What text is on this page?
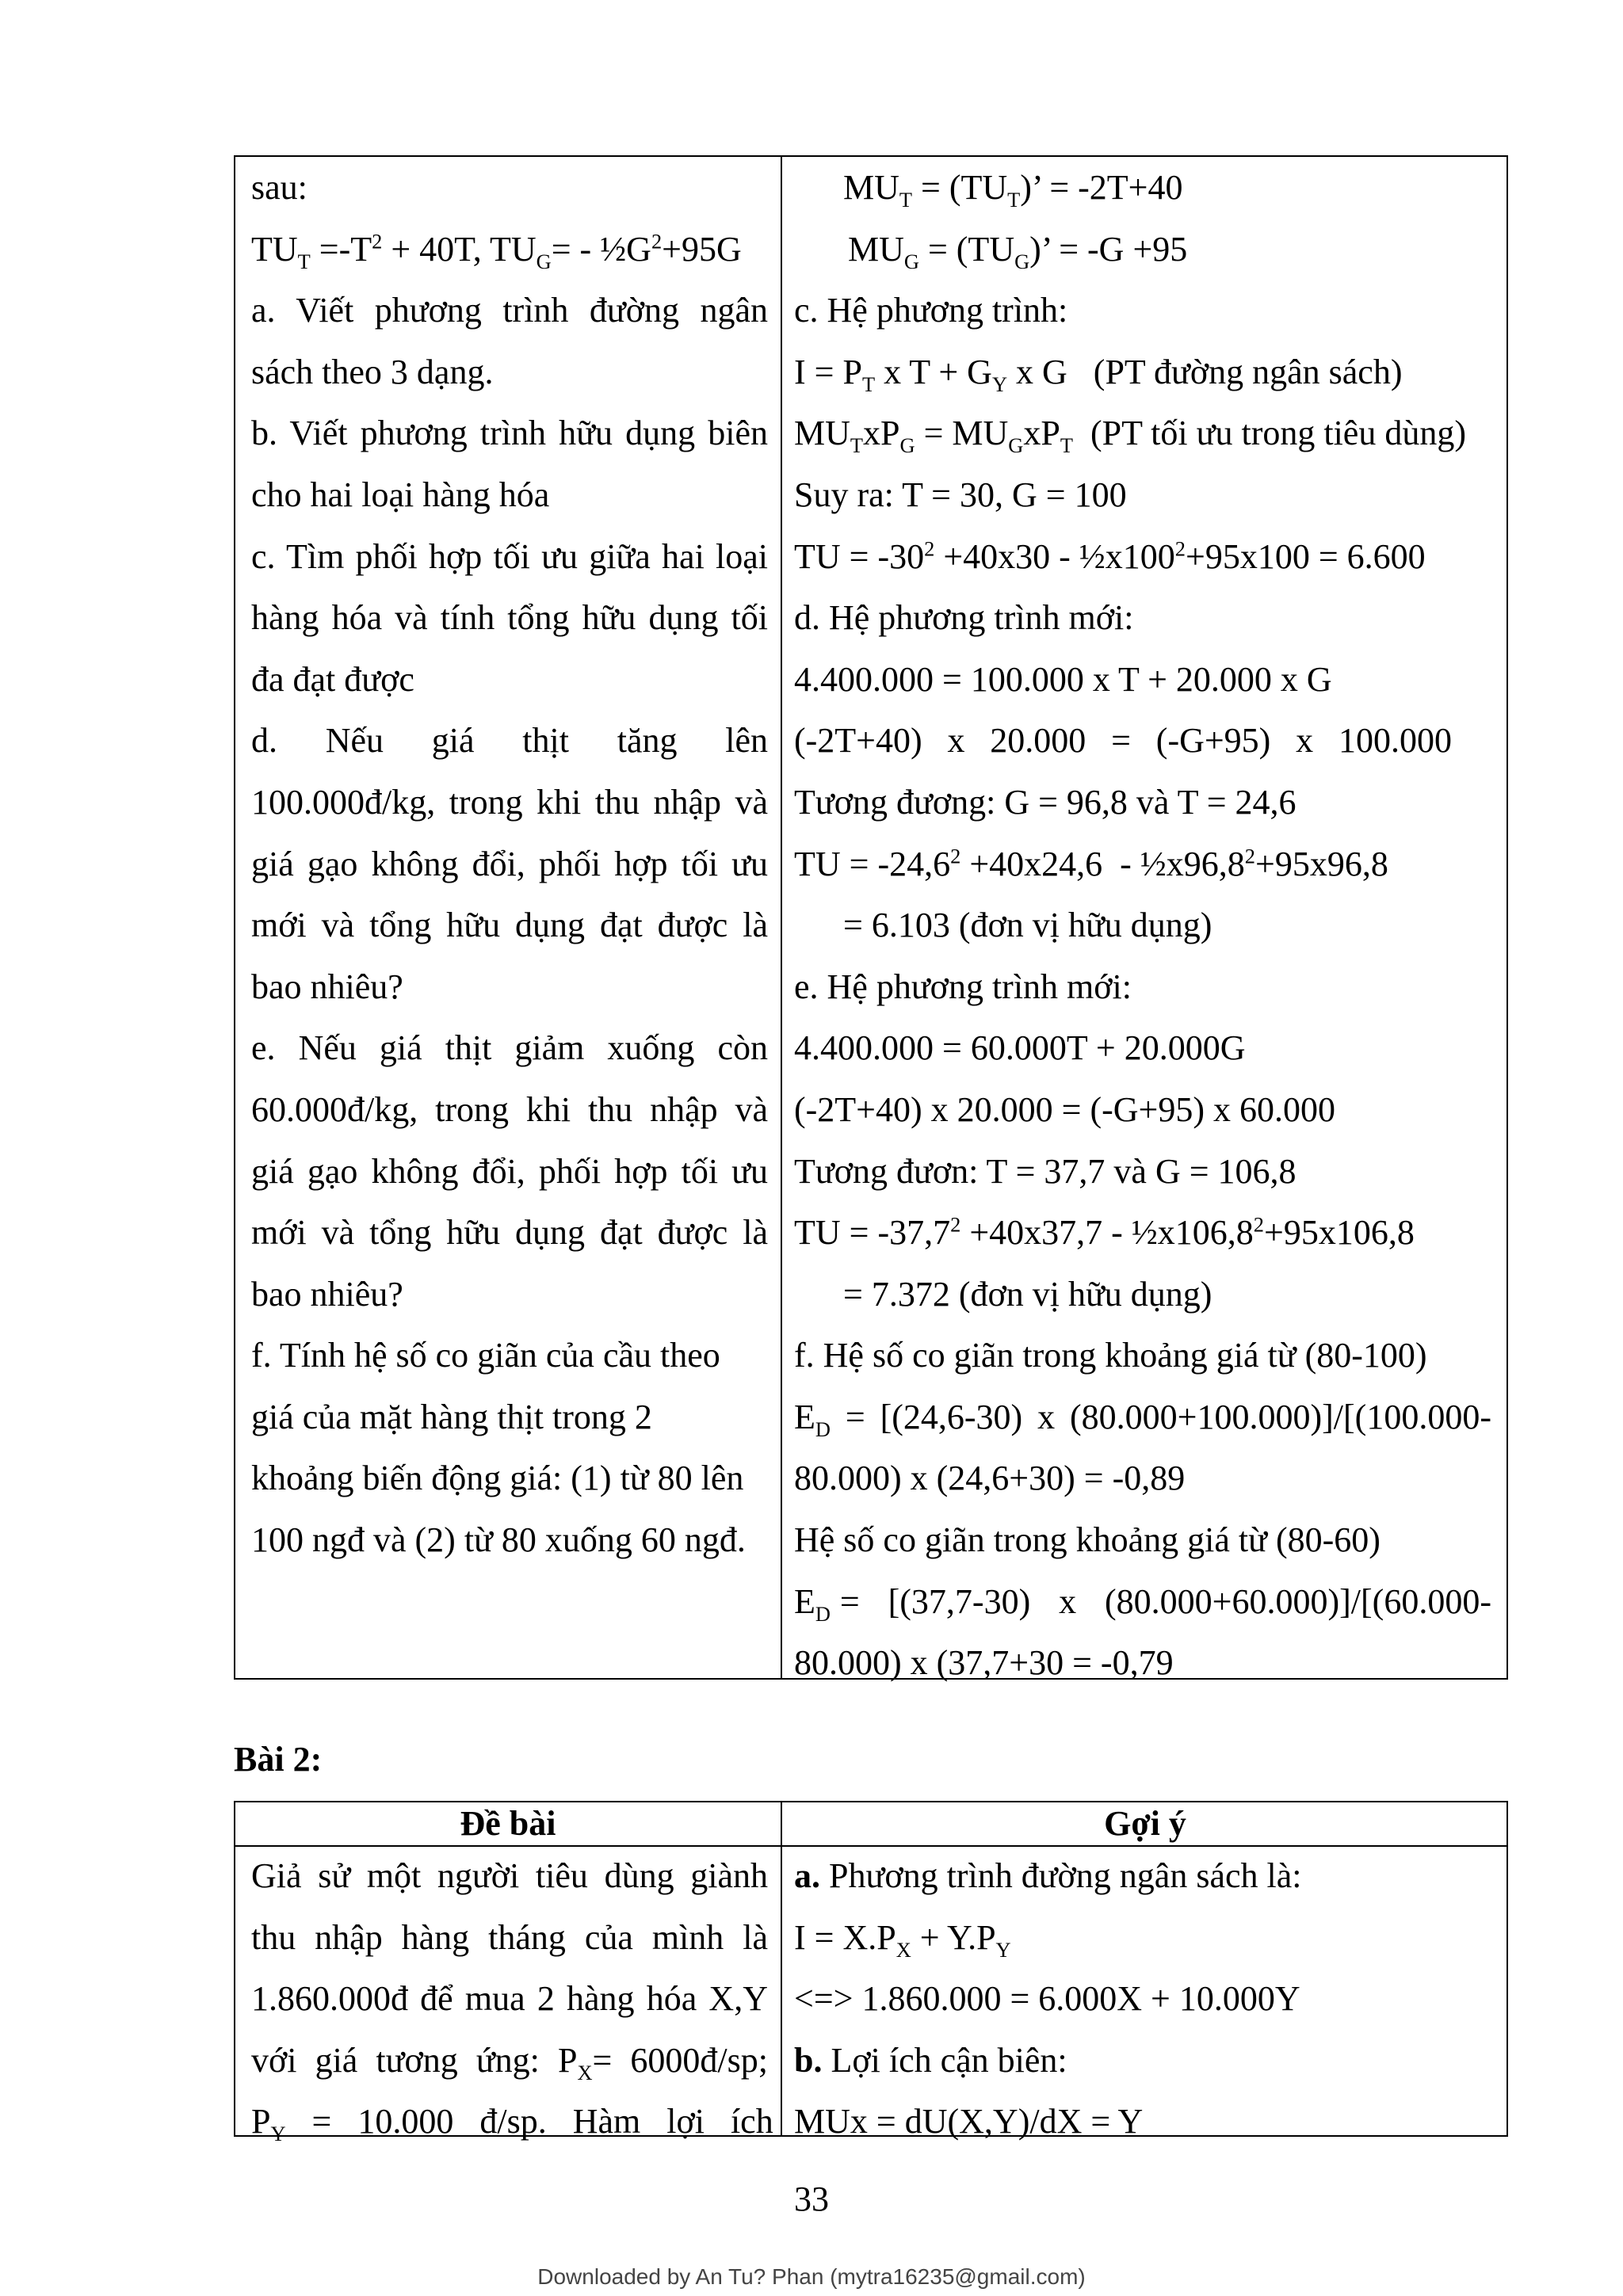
sau:
$TU_T =-T^2 + 40T$, $TU_G=$ - $\frac{1}{2}G^2+95G$
a. Viết phương trình đường ngân
sách theo 3 dạng.
b. Viết phương trình hữu dụng biên
cho hai loại hàng hóa
c. Tìm phối hợp tối ưu giữa hai loại
hàng hóa và tính tổng hữu dụng tối
đa đạt được
d. Nếu giá thịt tăng lên
100.000đ/kg, trong khi thu nhập và
giá gạo không đổi, phối hợp tối ưu
mới và tổng hữu dụng đạt được là
bao nhiêu?
e. Nếu giá thịt giảm xuống còn
60.000đ/kg, trong khi thu nhập và
giá gạo không đổi, phối hợp tối ưu
mới và tổng hữu dụng đạt được là
bao nhiêu?
f. Tính hệ số co giãn của cầu theo
giá của mặt hàng thịt trong 2
khoảng biến động giá: (1) từ 80 lên
100 ngđ và (2) từ 80 xuống 60 ngđ.
$MU_T = (TU_T)$’ = -2T+40
$MU_G = (TU_G)$’ = -G +95
c. Hệ phương trình:
$I = P_T$ x $T + G_Y$ x G   (PT đường ngân sách)
$MU_TxP_G = MU_GxP_T$  (PT tối ưu trong tiêu dùng)
Suy ra: T = 30, G = 100
TU = $-30^2 +40x30$ - $\frac{1}{2}x100^2+95x100 = 6.600$
d. Hệ phương trình mới:
4.400.000 = 100.000 x T + 20.000 x G
(-2T+40) x 20.000 = (-G+95) x 100.000
Tương đương: G = 96,8 và T = 24,6
TU = $-24,6^2 +40x24,6$  - $\frac{1}{2}x96,8^2+95x96,8$
= 6.103 (đơn vị hữu dụng)
e. Hệ phương trình mới:
4.400.000 = 60.000T + 20.000G
(-2T+40) x 20.000 = (-G+95) x 60.000
Tương đươn: T = 37,7 và G = 106,8
TU = $-37,7^2 +40x37,7$ - $\frac{1}{2}x106,8^2+95x106,8$
= 7.372 (đơn vị hữu dụng)
f. Hệ số co giãn trong khoảng giá từ (80-100)
$E_D = [(24,6-30)$ x (80.000+100.000)]/[(100.000-
80.000) x (24,6+30) = -0,89
Hệ số co giãn trong khoảng giá từ (80-60)
$E_D = [(37,7-30)$   x   (80.000+60.000)]/[(60.000-
80.000) x (37,7+30 = -0,79
Bài 2:
Đề bài	Gợi ý
Giả sử một người tiêu dùng giành
thu nhập hàng tháng của mình là
1.860.000đ để mua 2 hàng hóa X,Y
với giá tương ứng: $P_X=$ 6000đ/sp;
$P_Y = 10.000$   đ/sp.   Hàm   lợi   ích
a. Phương trình đường ngân sách là:
$I = X.P_X + Y.P_Y$
<=> 1.860.000 = 6.000X + 10.000Y
b. Lợi ích cận biên:
MUx = dU(X,Y)/dX = Y
33
Downloaded by An Tu? Phan (mytra16235@gmail.com)
